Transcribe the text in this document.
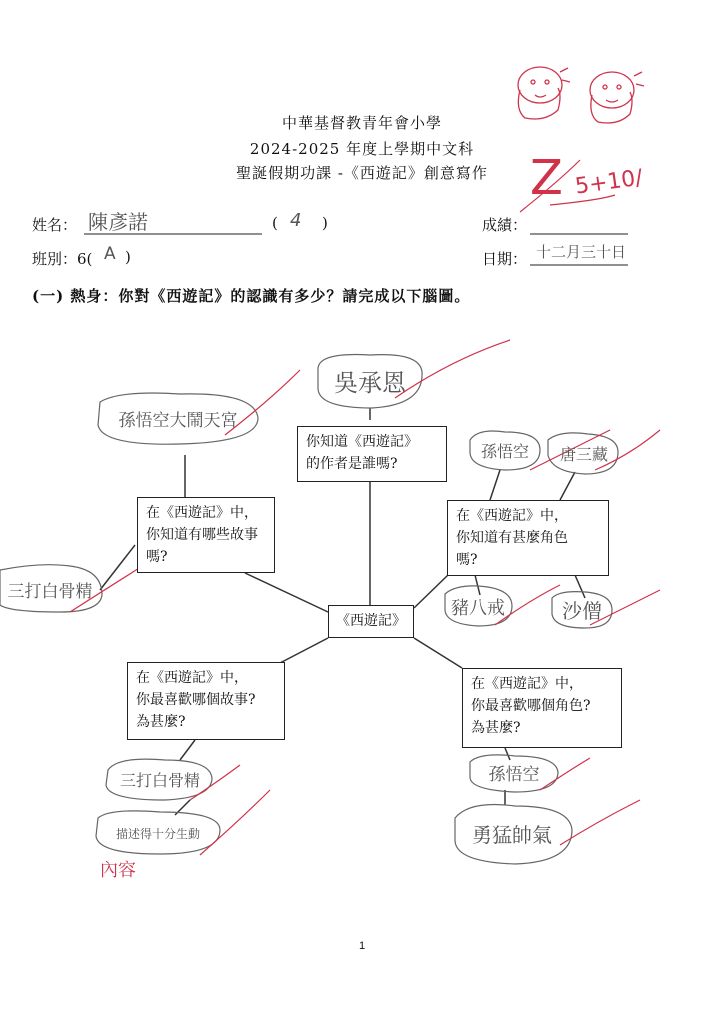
中華基督教青年會小學
2024-2025 年度上學期中文科
聖誕假期功課 -《西遊記》創意寫作
吳承恩
孫悟空大鬧天宮
三打白骨精
孫悟空 唐三藏
豬八戒	沙僧
三打白骨精
描述得十分生動
內容
孫悟空
勇猛帥氣
姓名： 陳彥諾	( 4 )
班別：6( A )
成績：
Z 5+10/
日期： 十二月三十日
(一) 熱身：你對《西遊記》的認識有多少？請完成以下腦圖。
你知道《西遊記》
的作者是誰嗎?
在《西遊記》中，
你知道有哪些故事
嗎?
在《西遊記》中，
你知道有甚麼角色
嗎?
《西遊記》
在《西遊記》中，
你最喜歡哪個故事?
為甚麼?
在《西遊記》中，
你最喜歡哪個角色?
為甚麼?
1
